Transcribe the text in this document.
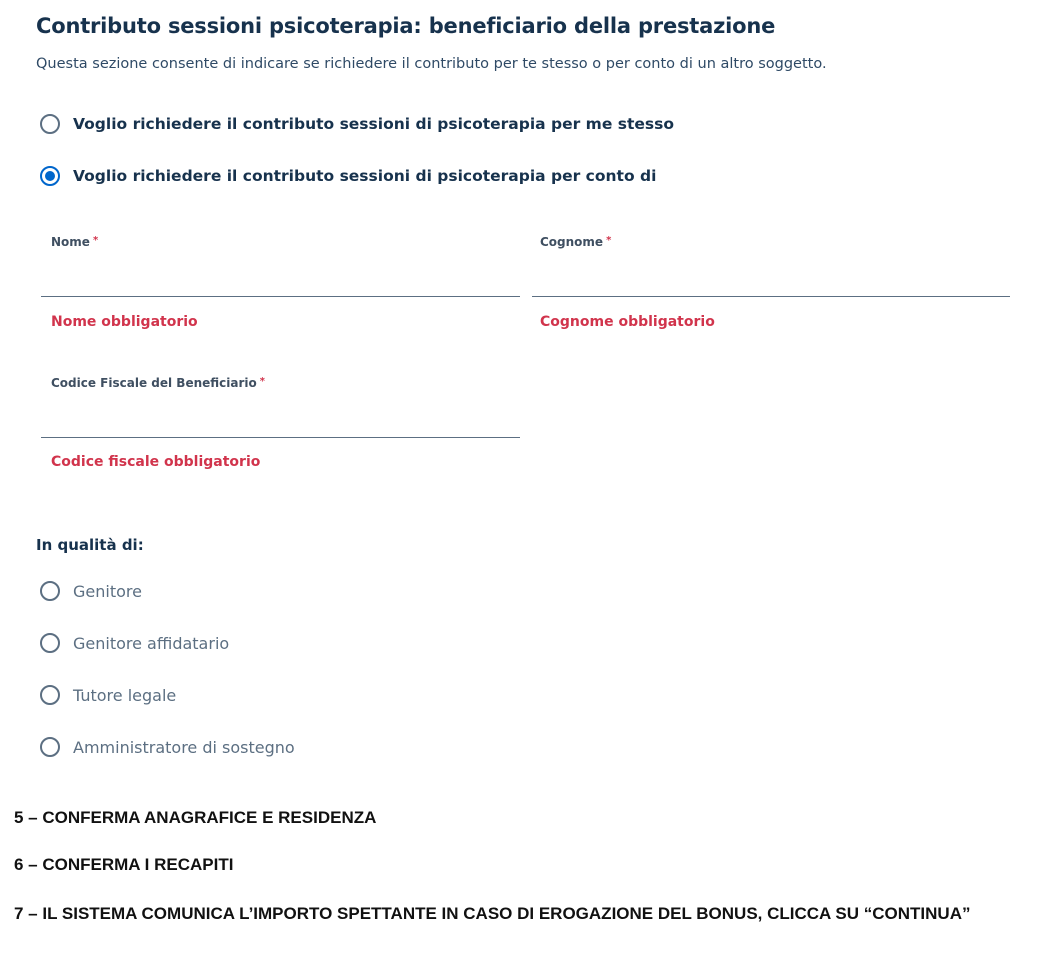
Contributo sessioni psicoterapia: beneficiario della prestazione
Questa sezione consente di indicare se richiedere il contributo per te stesso o per conto di un altro soggetto.
Voglio richiedere il contributo sessioni di psicoterapia per me stesso
Voglio richiedere il contributo sessioni di psicoterapia per conto di
Nome *
Nome obbligatorio
Cognome *
Cognome obbligatorio
Codice Fiscale del Beneficiario *
Codice fiscale obbligatorio
In qualità di:
Genitore
Genitore affidatario
Tutore legale
Amministratore di sostegno
5 – CONFERMA ANAGRAFICE E RESIDENZA
6 – CONFERMA I RECAPITI
7 – IL SISTEMA COMUNICA L’IMPORTO SPETTANTE IN CASO DI EROGAZIONE DEL BONUS, CLICCA SU “CONTINUA”
